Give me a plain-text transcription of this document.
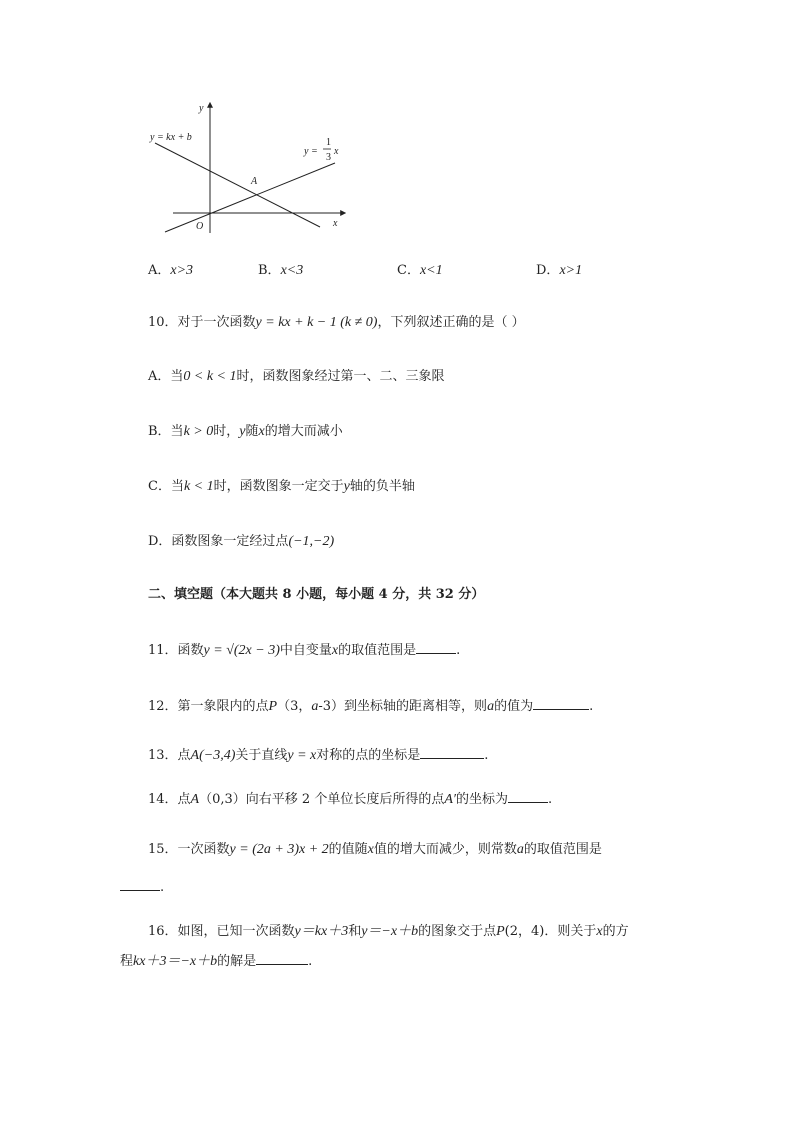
y
x
O
y = kx + b
y =
1
3
x
A
A．x>3	B．x<3	C．x<1	D．x>1
10．对于一次函数y = kx + k − 1 (k ≠ 0)，下列叙述正确的是（ ）
A．当0 < k < 1时，函数图象经过第一、二、三象限
B．当k > 0时，y随x的增大而减小
C．当k < 1时，函数图象一定交于y轴的负半轴
D．函数图象一定经过点(−1,−2)
二、填空题（本大题共 8 小题，每小题 4 分，共 32 分）
11．函数y = √(2x − 3)中自变量x的取值范围是	.
12．第一象限内的点P（3，a-3）到坐标轴的距离相等，则a的值为	.
13．点A(−3,4)关于直线y = x对称的点的坐标是	.
14．点A（0,3）向右平移 2 个单位长度后所得的点A′的坐标为	.
15．一次函数y = (2a + 3)x + 2的值随x值的增大而减少，则常数a的取值范围是
.
16．如图，已知一次函数y＝kx＋3和y＝−x＋b的图象交于点P(2，4)．则关于x的方
程kx＋3＝−x＋b的解是	.
